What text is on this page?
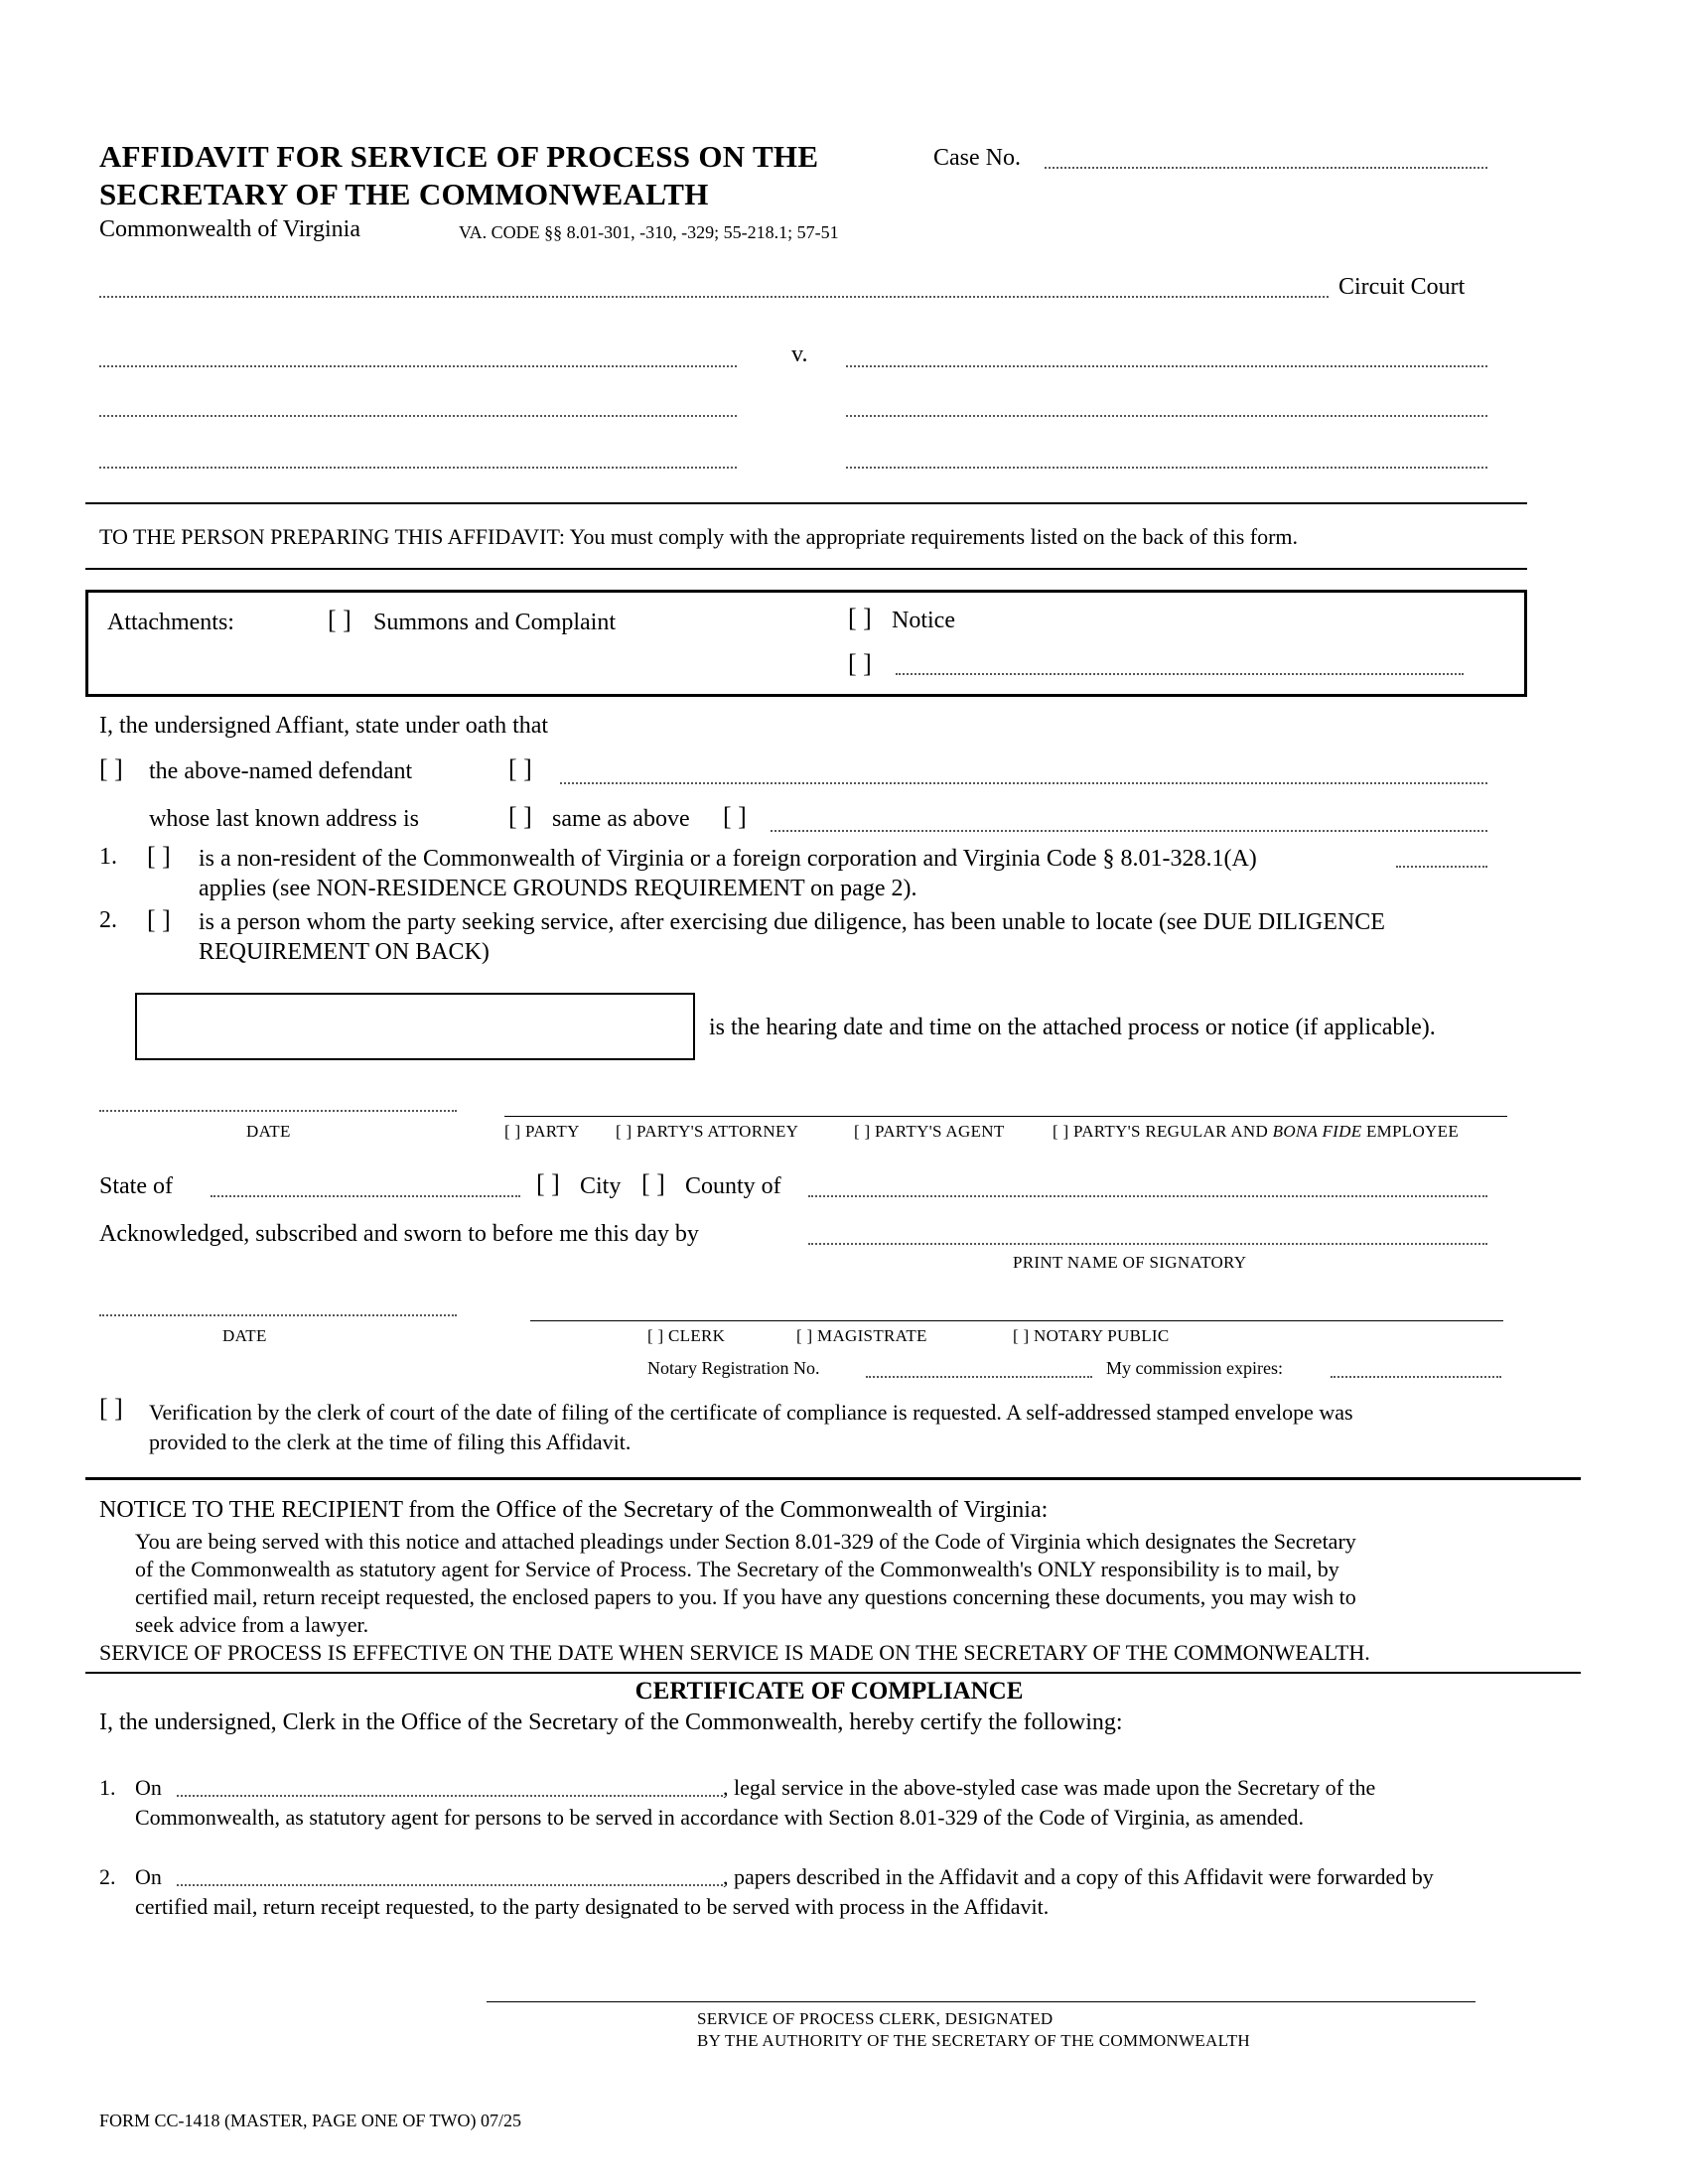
AFFIDAVIT FOR SERVICE OF PROCESS ON THE
SECRETARY OF THE COMMONWEALTH
Case No.
Commonwealth of Virginia	VA. CODE §§ 8.01-301, -310, -329; 55-218.1; 57-51
Circuit Court
v.
TO THE PERSON PREPARING THIS AFFIDAVIT: You must comply with the appropriate requirements listed on the back of this form.
Attachments:	[ ] Summons and Complaint	[ ] Notice
[ ]
I, the undersigned Affiant, state under oath that
[ ] the above-named defendant	[ ]
whose last known address is	[ ] same as above [ ]
1. [ ] is a non-resident of the Commonwealth of Virginia or a foreign corporation and Virginia Code § 8.01-328.1(A)
applies (see NON-RESIDENCE GROUNDS REQUIREMENT on page 2).
2. [ ] is a person whom the party seeking service, after exercising due diligence, has been unable to locate (see DUE DILIGENCE
REQUIREMENT ON BACK)
is the hearing date and time on the attached process or notice (if applicable).
DATE	[ ] PARTY [ ] PARTY'S ATTORNEY	[ ] PARTY'S AGENT	[ ] PARTY'S REGULAR AND BONA FIDE EMPLOYEE
State of	[ ] City [ ] County of
Acknowledged, subscribed and sworn to before me this day by
PRINT NAME OF SIGNATORY
DATE	[ ] CLERK	[ ] MAGISTRATE	[ ] NOTARY PUBLIC
Notary Registration No.	My commission expires:
[ ] Verification by the clerk of court of the date of filing of the certificate of compliance is requested. A self-addressed stamped envelope was
provided to the clerk at the time of filing this Affidavit.
NOTICE TO THE RECIPIENT from the Office of the Secretary of the Commonwealth of Virginia:
You are being served with this notice and attached pleadings under Section 8.01-329 of the Code of Virginia which designates the Secretary
of the Commonwealth as statutory agent for Service of Process. The Secretary of the Commonwealth's ONLY responsibility is to mail, by
certified mail, return receipt requested, the enclosed papers to you. If you have any questions concerning these documents, you may wish to
seek advice from a lawyer.
SERVICE OF PROCESS IS EFFECTIVE ON THE DATE WHEN SERVICE IS MADE ON THE SECRETARY OF THE COMMONWEALTH.
CERTIFICATE OF COMPLIANCE
I, the undersigned, Clerk in the Office of the Secretary of the Commonwealth, hereby certify the following:
1. On	, legal service in the above-styled case was made upon the Secretary of the
Commonwealth, as statutory agent for persons to be served in accordance with Section 8.01-329 of the Code of Virginia, as amended.
2. On	, papers described in the Affidavit and a copy of this Affidavit were forwarded by
certified mail, return receipt requested, to the party designated to be served with process in the Affidavit.
SERVICE OF PROCESS CLERK, DESIGNATED
BY THE AUTHORITY OF THE SECRETARY OF THE COMMONWEALTH
FORM CC-1418 (MASTER, PAGE ONE OF TWO) 07/25
